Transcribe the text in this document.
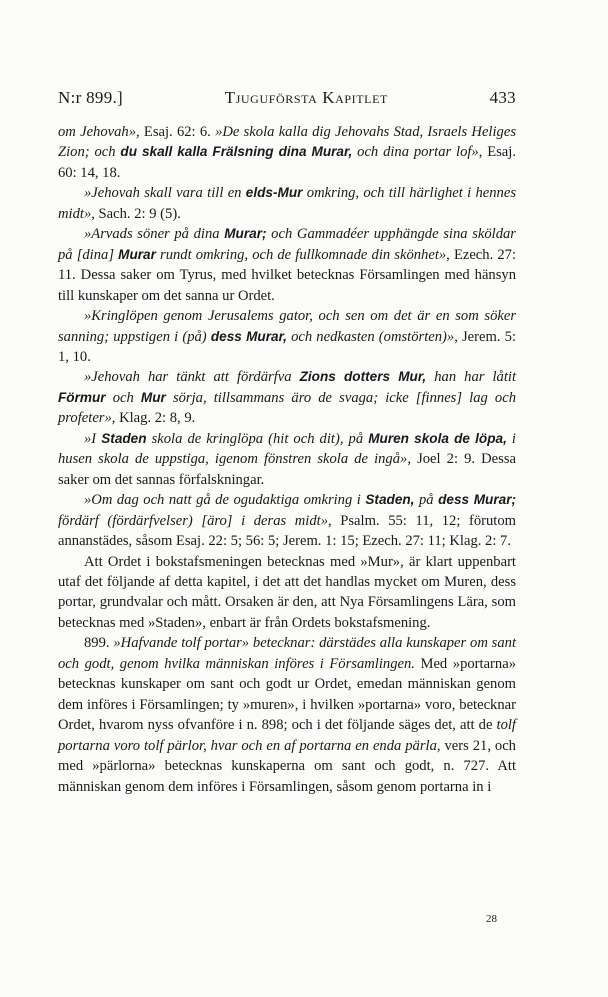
N:r 899.]	Tjuguförsta Kapitlet	433

om Jehovah», Esaj. 62: 6. »De skola kalla dig Jehovahs Stad, Israels Heliges Zion; och du skall kalla Frälsning dina Murar, och dina portar lof», Esaj. 60: 14, 18.

»Jehovah skall vara till en elds-Mur omkring, och till härlighet i hennes midt», Sach. 2: 9 (5).

»Arvads söner på dina Murar; och Gammadéer upphängde sina sköldar på [dina] Murar rundt omkring, och de fullkomnade din skönhet», Ezech. 27: 11. Dessa saker om Tyrus, med hvilket betecknas Församlingen med hänsyn till kunskaper om det sanna ur Ordet.

»Kringlöpen genom Jerusalems gator, och sen om det är en som söker sanning; uppstigen i (på) dess Murar, och nedkasten (omstörten)», Jerem. 5: 1, 10.

»Jehovah har tänkt att fördärfva Zions dotters Mur, han har låtit Förmur och Mur sörja, tillsammans äro de svaga; icke [finnes] lag och profeter», Klag. 2: 8, 9.

»I Staden skola de kringlöpa (hit och dit), på Muren skola de löpa, i husen skola de uppstiga, igenom fönstren skola de ingå», Joel 2: 9. Dessa saker om det sannas förfalskningar.

»Om dag och natt gå de ogudaktiga omkring i Staden, på dess Murar; fördärf (fördärfvelser) [äro] i deras midt», Psalm. 55: 11, 12; förutom annanstädes, såsom Esaj. 22: 5; 56: 5; Jerem. 1: 15; Ezech. 27: 11; Klag. 2: 7.

Att Ordet i bokstafsmeningen betecknas med »Mur», är klart uppenbart utaf det följande af detta kapitel, i det att det handlas mycket om Muren, dess portar, grundvalar och mått. Orsaken är den, att Nya Församlingens Lära, som betecknas med »Staden», enbart är från Ordets bokstafsmening.

899. »Hafvande tolf portar» betecknar: därstädes alla kunskaper om sant och godt, genom hvilka människan införes i Församlingen. Med »portarna» betecknas kunskaper om sant och godt ur Ordet, emedan människan genom dem införes i Församlingen; ty »muren», i hvilken »portarna» voro, betecknar Ordet, hvarom nyss ofvanföre i n. 898; och i det följande säges det, att de tolf portarna voro tolf pärlor, hvar och en af portarna en enda pärla, vers 21, och med »pärlorna» betecknas kunskaperna om sant och godt, n. 727. Att människan genom dem införes i Församlingen, såsom genom portarna in i

28
